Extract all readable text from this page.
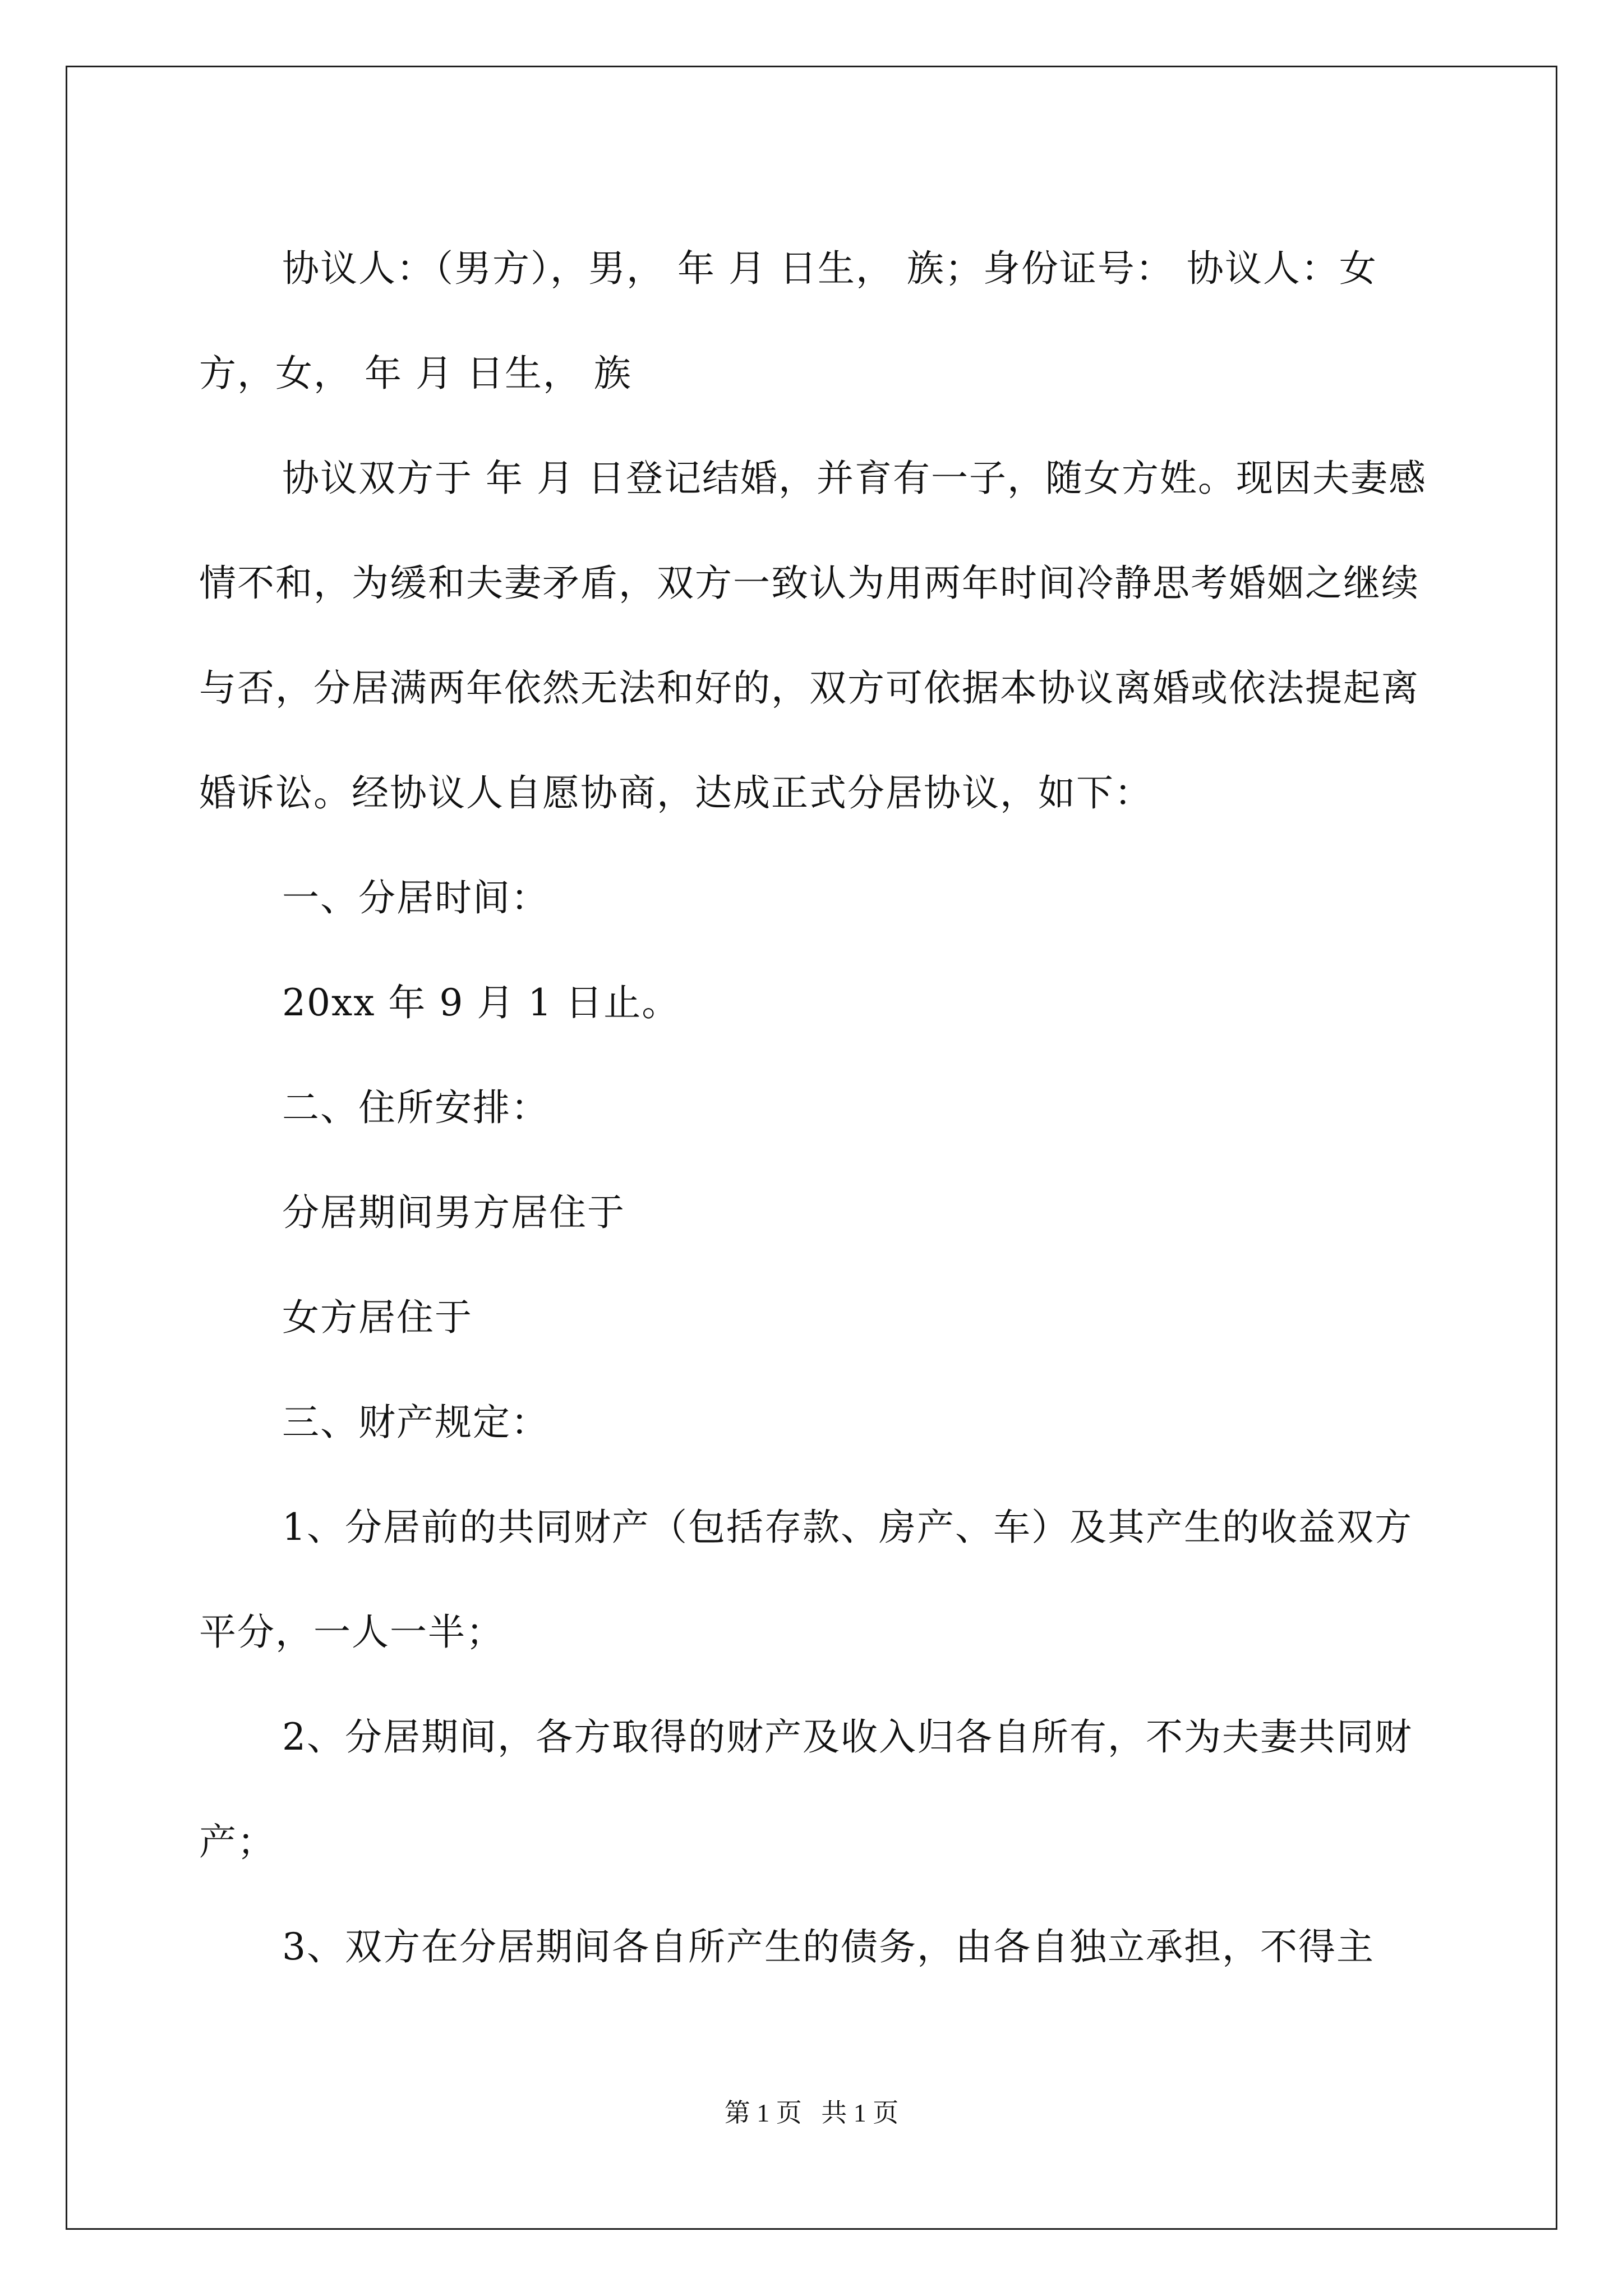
协议人：（男方），男， 年 月 日生， 族；身份证号： 协议人：女方，女， 年 月 日生， 族

协议双方于 年 月 日登记结婚，并育有一子，随女方姓。现因夫妻感情不和，为缓和夫妻矛盾，双方一致认为用两年时间冷静思考婚姻之继续与否，分居满两年依然无法和好的，双方可依据本协议离婚或依法提起离婚诉讼。经协议人自愿协商，达成正式分居协议，如下：

一、分居时间：

20xx 年 9 月 1 日止。

二、住所安排：

分居期间男方居住于

女方居住于

三、财产规定：

1、分居前的共同财产（包括存款、房产、车）及其产生的收益双方平分，一人一半；

2、分居期间，各方取得的财产及收入归各自所有，不为夫妻共同财产；

3、双方在分居期间各自所产生的债务，由各自独立承担，不得主

第 1 页   共 1 页
